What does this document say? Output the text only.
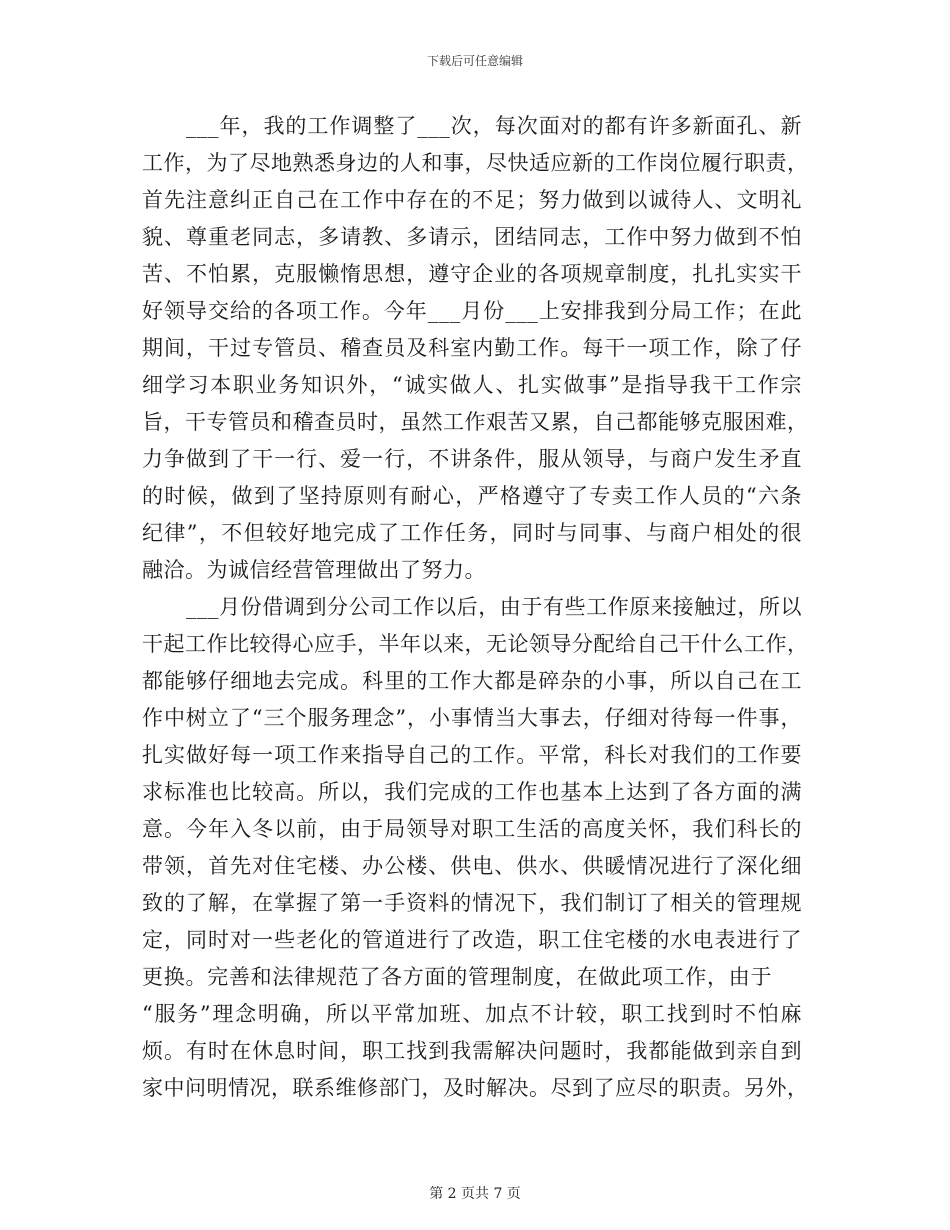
下载后可任意编辑
___年，我的工作调整了___次，每次面对的都有许多新面孔、新
工作，为了尽地熟悉身边的人和事，尽快适应新的工作岗位履行职责，
首先注意纠正自己在工作中存在的不足；努力做到以诚待人、文明礼
貌、尊重老同志，多请教、多请示，团结同志，工作中努力做到不怕
苦、不怕累，克服懒惰思想，遵守企业的各项规章制度，扎扎实实干
好领导交给的各项工作。今年___月份___上安排我到分局工作；在此
期间，干过专管员、稽查员及科室内勤工作。每干一项工作，除了仔
细学习本职业务知识外，“诚实做人、扎实做事”是指导我干工作宗
旨，干专管员和稽查员时，虽然工作艰苦又累，自己都能够克服困难，
力争做到了干一行、爱一行，不讲条件，服从领导，与商户发生矛直
的时候，做到了坚持原则有耐心，严格遵守了专卖工作人员的“六条
纪律”，不但较好地完成了工作任务，同时与同事、与商户相处的很
融洽。为诚信经营管理做出了努力。
___月份借调到分公司工作以后，由于有些工作原来接触过，所以
干起工作比较得心应手，半年以来，无论领导分配给自己干什么工作，
都能够仔细地去完成。科里的工作大都是碎杂的小事，所以自己在工
作中树立了“三个服务理念”，小事情当大事去，仔细对待每一件事，
扎实做好每一项工作来指导自己的工作。平常，科长对我们的工作要
求标准也比较高。所以，我们完成的工作也基本上达到了各方面的满
意。今年入冬以前，由于局领导对职工生活的高度关怀，我们科长的
带领，首先对住宅楼、办公楼、供电、供水、供暖情况进行了深化细
致的了解，在掌握了第一手资料的情况下，我们制订了相关的管理规
定，同时对一些老化的管道进行了改造，职工住宅楼的水电表进行了
更换。完善和法律规范了各方面的管理制度，在做此项工作，由于
“服务”理念明确，所以平常加班、加点不计较，职工找到时不怕麻
烦。有时在休息时间，职工找到我需解决问题时，我都能做到亲自到
家中问明情况，联系维修部门，及时解决。尽到了应尽的职责。另外，
第 2 页共 7 页
